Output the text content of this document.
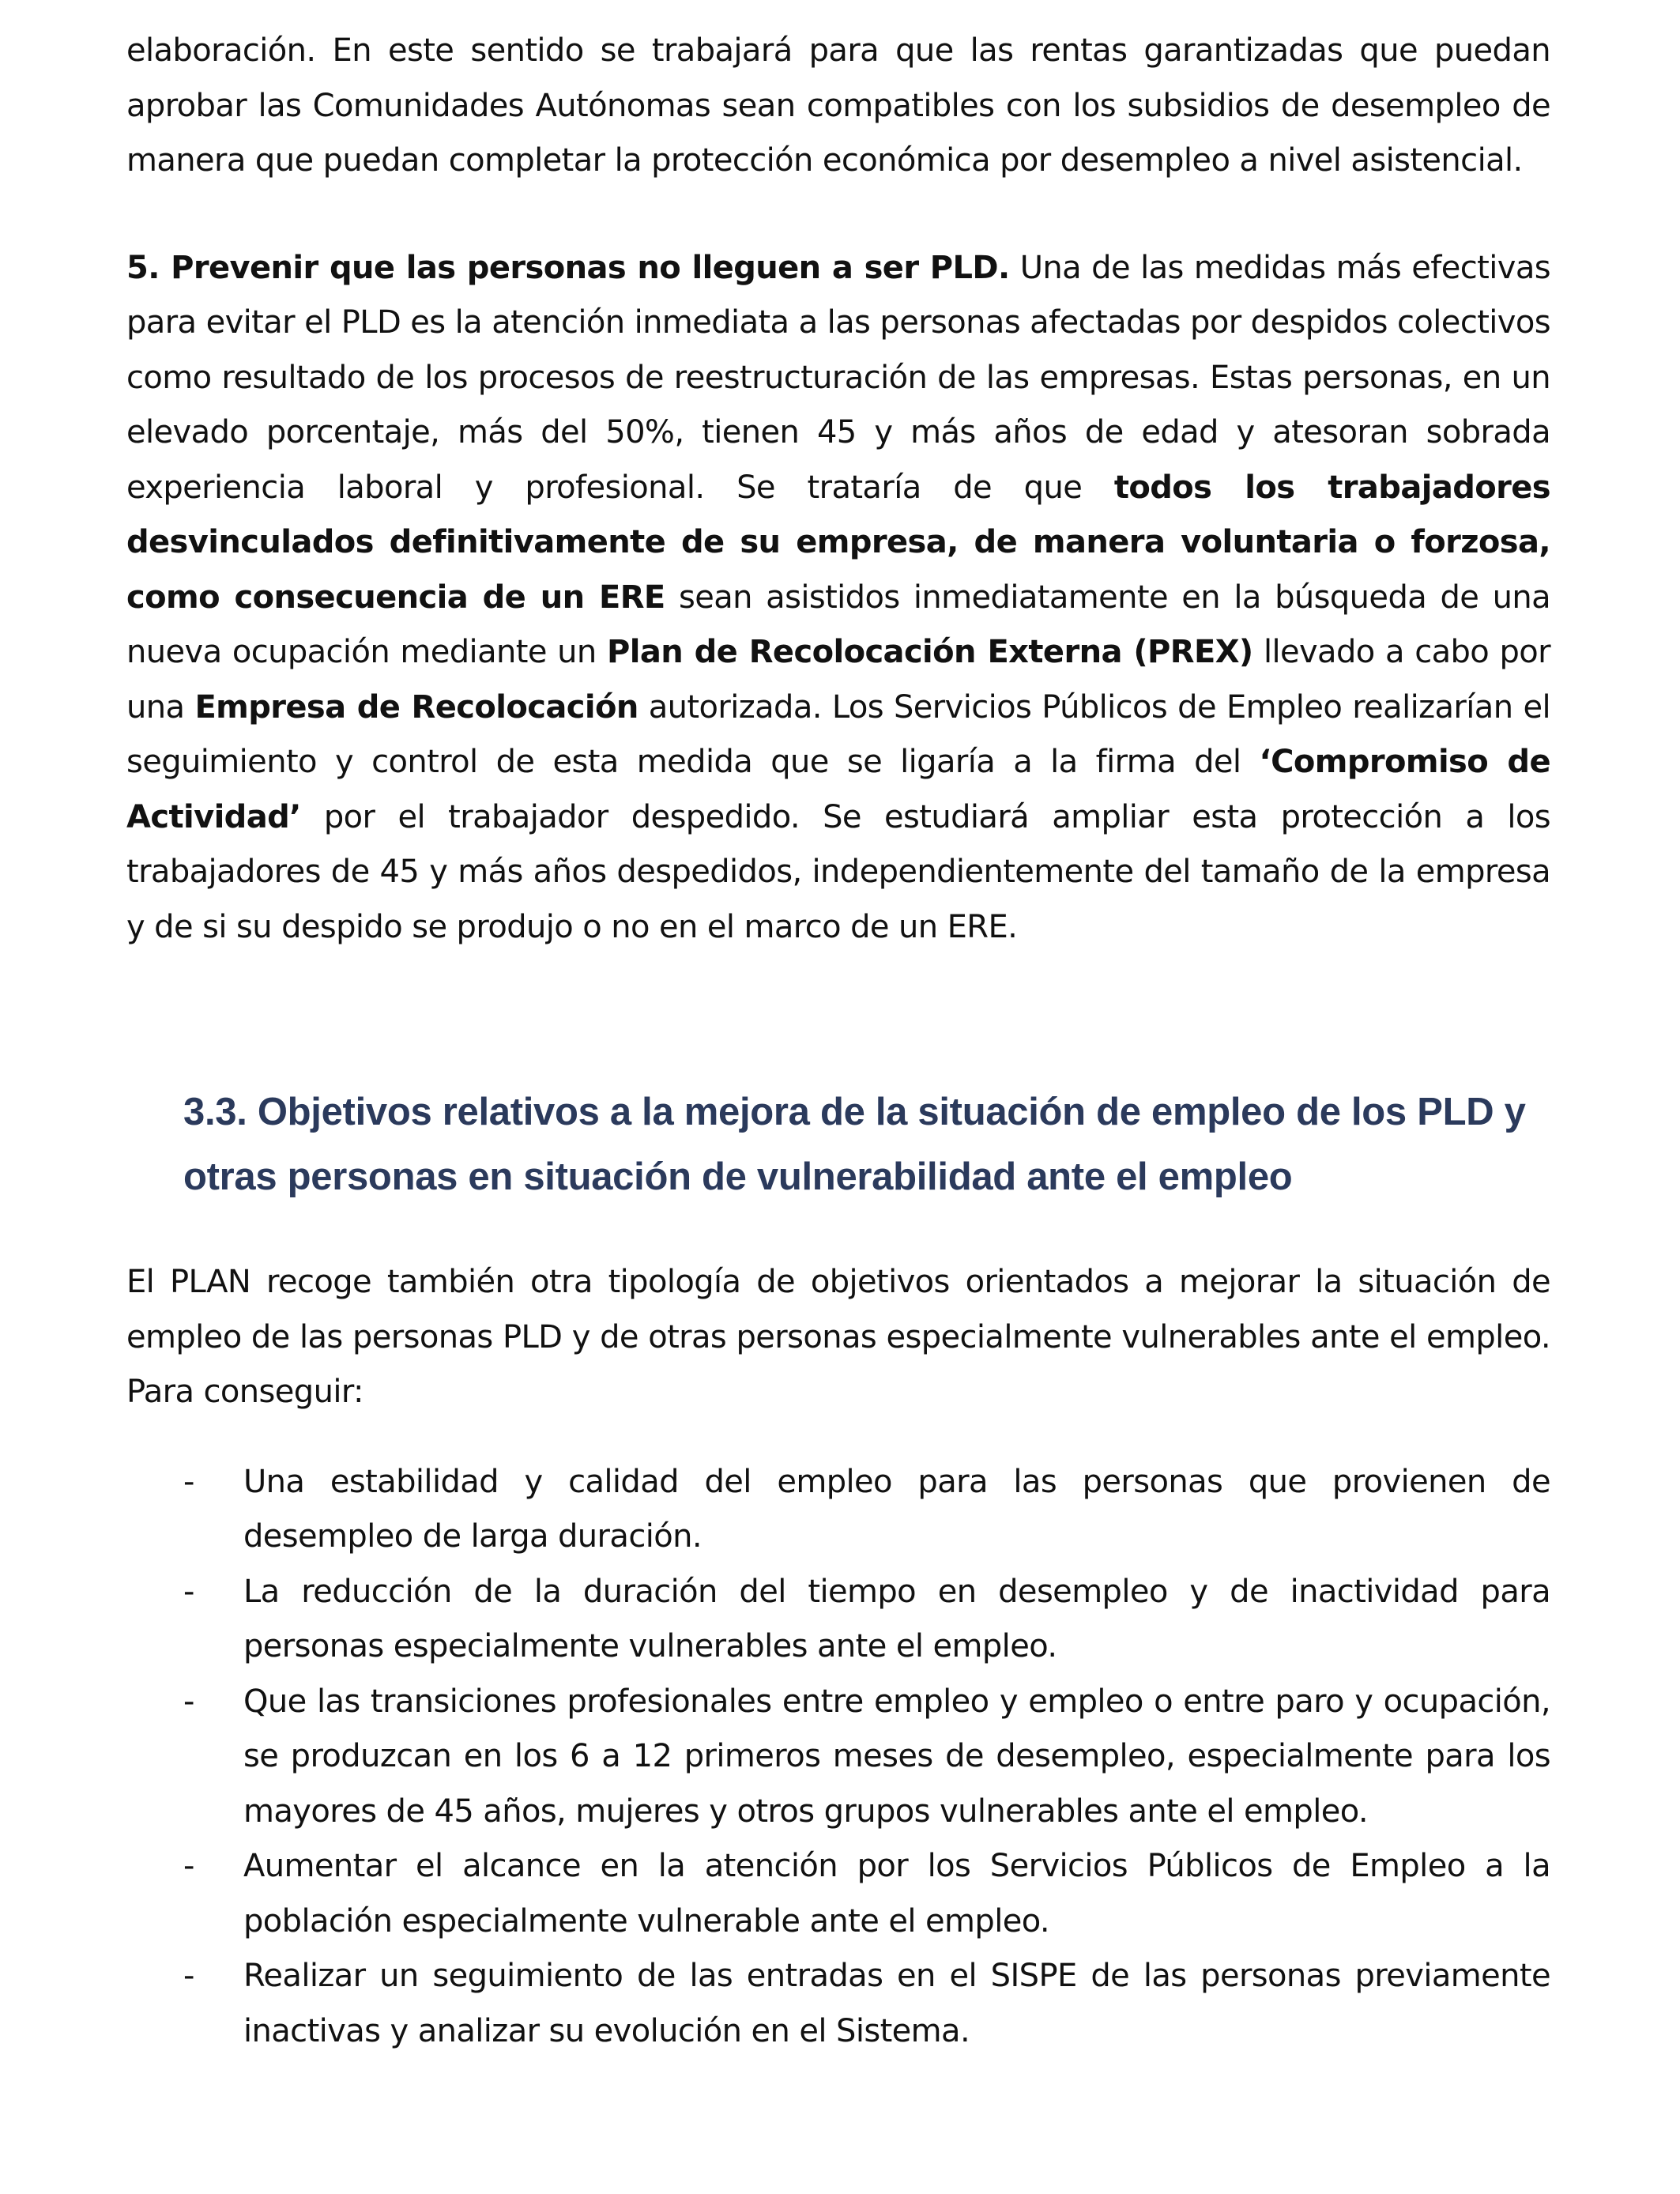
elaboración. En este sentido se trabajará para que las rentas garantizadas que puedan aprobar las Comunidades Autónomas sean compatibles con los subsidios de desempleo de manera que puedan completar la protección económica por desempleo a nivel asistencial.

5. Prevenir que las personas no lleguen a ser PLD. Una de las medidas más efectivas para evitar el PLD es la atención inmediata a las personas afectadas por despidos colectivos como resultado de los procesos de reestructuración de las empresas. Estas personas, en un elevado porcentaje, más del 50%, tienen 45 y más años de edad y atesoran sobrada experiencia laboral y profesional. Se trataría de que todos los trabajadores desvinculados definitivamente de su empresa, de manera voluntaria o forzosa, como consecuencia de un ERE sean asistidos inmediatamente en la búsqueda de una nueva ocupación mediante un Plan de Recolocación Externa (PREX) llevado a cabo por una Empresa de Recolocación autorizada. Los Servicios Públicos de Empleo realizarían el seguimiento y control de esta medida que se ligaría a la firma del ‘Compromiso de Actividad’ por el trabajador despedido. Se estudiará ampliar esta protección a los trabajadores de 45 y más años despedidos, independientemente del tamaño de la empresa y de si su despido se produjo o no en el marco de un ERE.

3.3. Objetivos relativos a la mejora de la situación de empleo de los PLD y otras personas en situación de vulnerabilidad ante el empleo

El PLAN recoge también otra tipología de objetivos orientados a mejorar la situación de empleo de las personas PLD y de otras personas especialmente vulnerables ante el empleo. Para conseguir:

- Una estabilidad y calidad del empleo para las personas que provienen de desempleo de larga duración.
- La reducción de la duración del tiempo en desempleo y de inactividad para personas especialmente vulnerables ante el empleo.
- Que las transiciones profesionales entre empleo y empleo o entre paro y ocupación, se produzcan en los 6 a 12 primeros meses de desempleo, especialmente para los mayores de 45 años, mujeres y otros grupos vulnerables ante el empleo.
- Aumentar el alcance en la atención por los Servicios Públicos de Empleo a la población especialmente vulnerable ante el empleo.
- Realizar un seguimiento de las entradas en el SISPE de las personas previamente inactivas y analizar su evolución en el Sistema.
